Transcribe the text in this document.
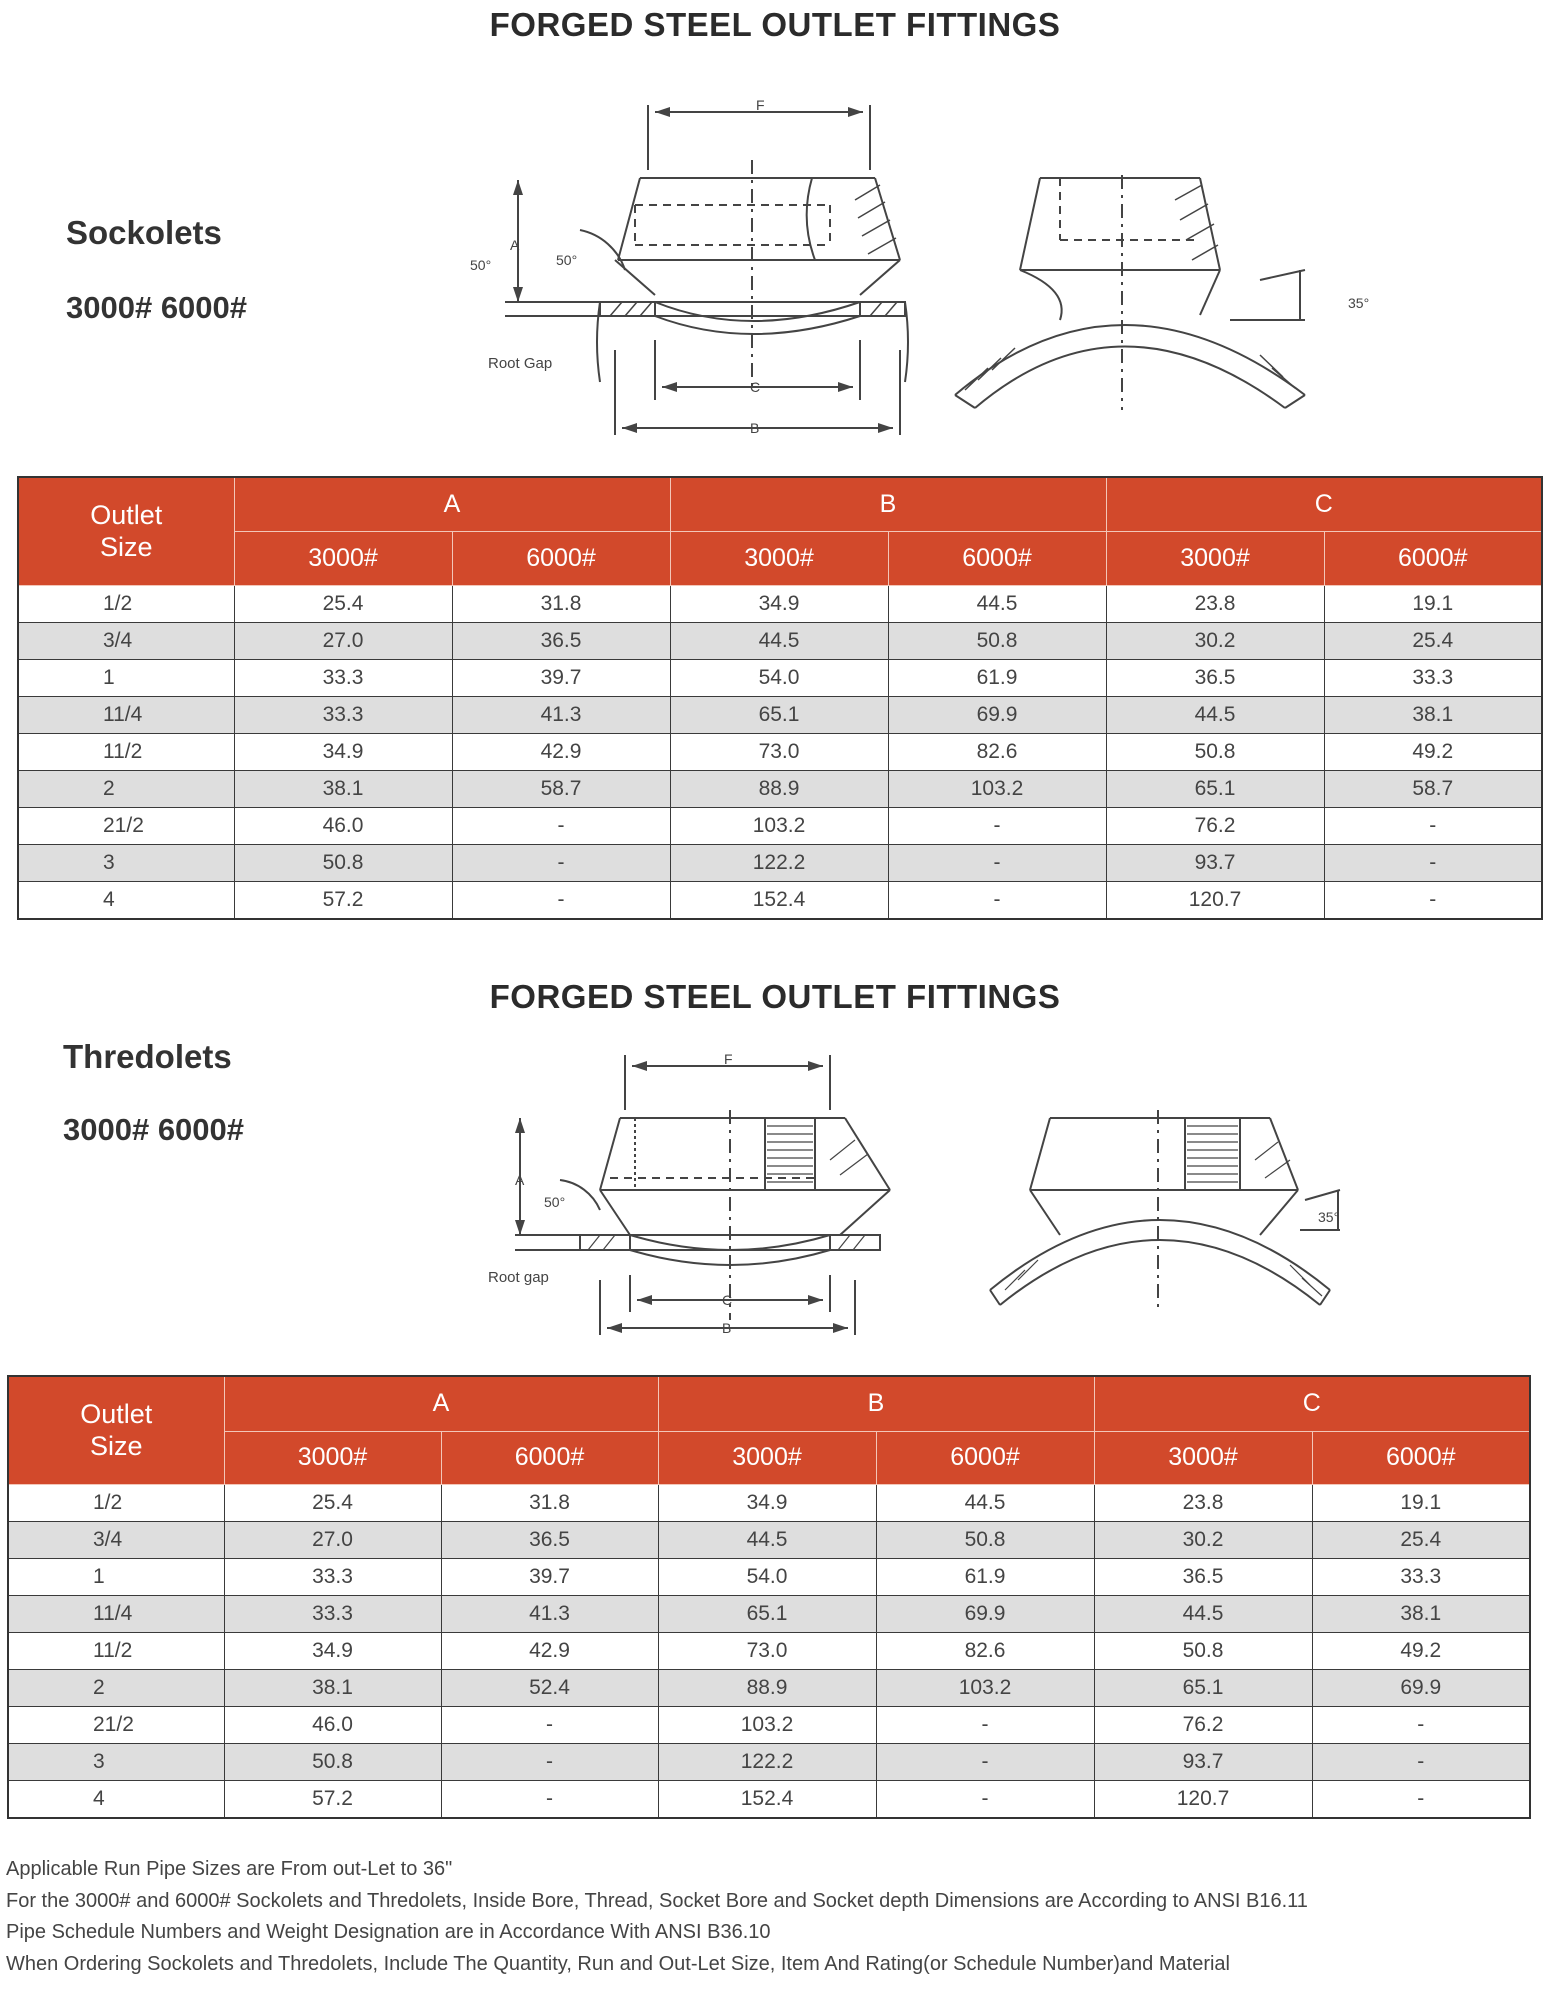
FORGED STEEL OUTLET FITTINGS
Sockolets
3000# 6000#
F
A
C
B
50°	50°
35°
Root Gap
Outlet
Size	A		B		C	
	3000#	6000#	3000#	6000#	3000#	6000#
1/2	25.4	31.8	34.9	44.5	23.8	19.1
3/4	27.0	36.5	44.5	50.8	30.2	25.4
1	33.3	39.7	54.0	61.9	36.5	33.3
11/4	33.3	41.3	65.1	69.9	44.5	38.1
11/2	34.9	42.9	73.0	82.6	50.8	49.2
2	38.1	58.7	88.9	103.2	65.1	58.7
21/2	46.0	-	103.2	-	76.2	-
3	50.8	-	122.2	-	93.7	-
4	57.2	-	152.4	-	120.7	-
FORGED STEEL OUTLET FITTINGS
Thredolets
3000# 6000#
F
A
C
B
50°
35°
Root gap
Outlet
Size	A		B		C	
	3000#	6000#	3000#	6000#	3000#	6000#
1/2	25.4	31.8	34.9	44.5	23.8	19.1
3/4	27.0	36.5	44.5	50.8	30.2	25.4
1	33.3	39.7	54.0	61.9	36.5	33.3
11/4	33.3	41.3	65.1	69.9	44.5	38.1
11/2	34.9	42.9	73.0	82.6	50.8	49.2
2	38.1	52.4	88.9	103.2	65.1	69.9
21/2	46.0	-	103.2	-	76.2	-
3	50.8	-	122.2	-	93.7	-
4	57.2	-	152.4	-	120.7	-
Applicable Run Pipe Sizes are From out-Let to 36"
For the 3000# and 6000# Sockolets and Thredolets, Inside Bore, Thread, Socket Bore and Socket depth Dimensions are According to ANSI B16.11
Pipe Schedule Numbers and Weight Designation are in Accordance With ANSI B36.10
When Ordering Sockolets and Thredolets, Include The Quantity, Run and Out-Let Size, Item And Rating(or Schedule Number)and Material
